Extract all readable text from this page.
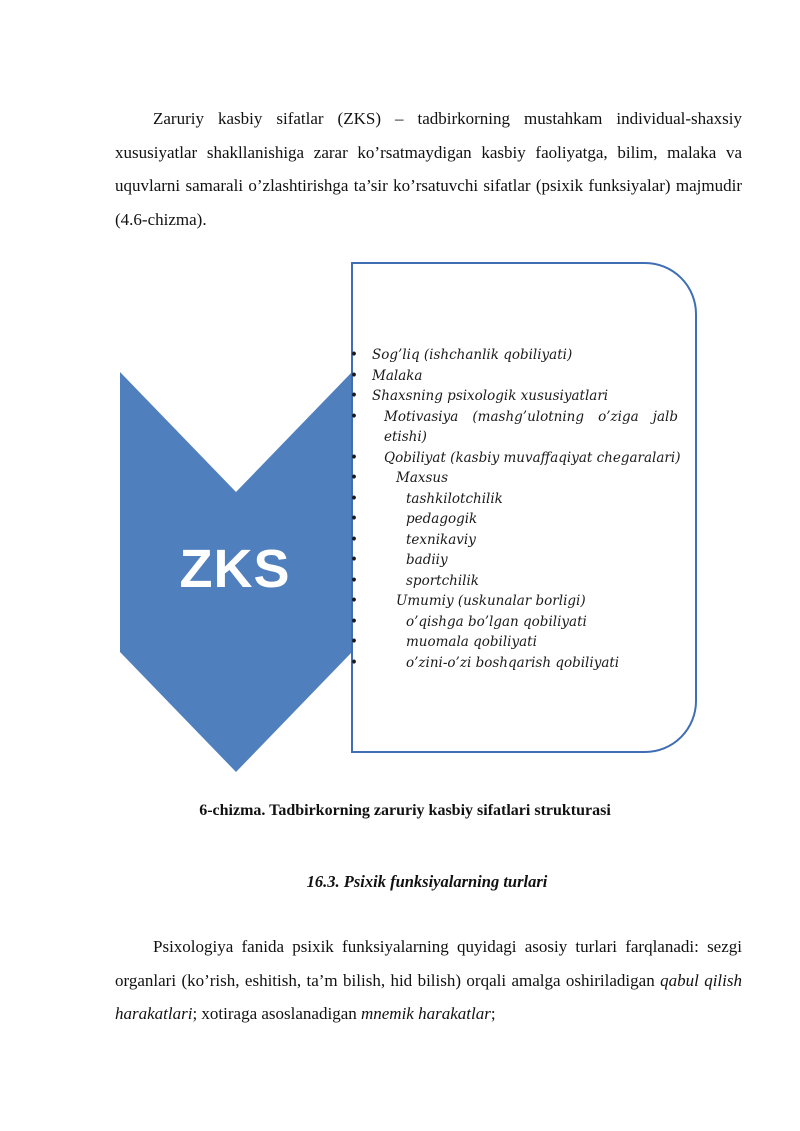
Zaruriy kasbiy sifatlar (ZKS) – tadbirkorning mustahkam individual-shaxsiy xususiyatlar shakllanishiga zarar ko’rsatmaydigan kasbiy faoliyatga, bilim, malaka va uquvlarni samarali o’zlashtirishga ta’sir ko’rsatuvchi sifatlar (psixik funksiyalar) majmudir (4.6-chizma).

ZKS
• Sog’liq (ishchanlik qobiliyati)
• Malaka
• Shaxsning psixologik xususiyatlari
• Motivasiya (mashg’ulotning o’ziga jalb etishi)
• Qobiliyat (kasbiy muvaffaqiyat chegaralari)
• Maxsus
• tashkilotchilik
• pedagogik
• texnikaviy
• badiiy
• sportchilik
• Umumiy (uskunalar borligi)
• o’qishga bo’lgan qobiliyati
• muomala qobiliyati
• o’zini-o’zi boshqarish qobiliyati
6-chizma. Tadbirkorning zaruriy kasbiy sifatlari strukturasi
16.3. Psixik funksiyalarning turlari

Psixologiya fanida psixik funksiyalarning quyidagi asosiy turlari farqlanadi: sezgi organlari (ko’rish, eshitish, ta’m bilish, hid bilish) orqali amalga oshiriladigan qabul qilish harakatlari; xotiraga asoslanadigan mnemik harakatlar;
